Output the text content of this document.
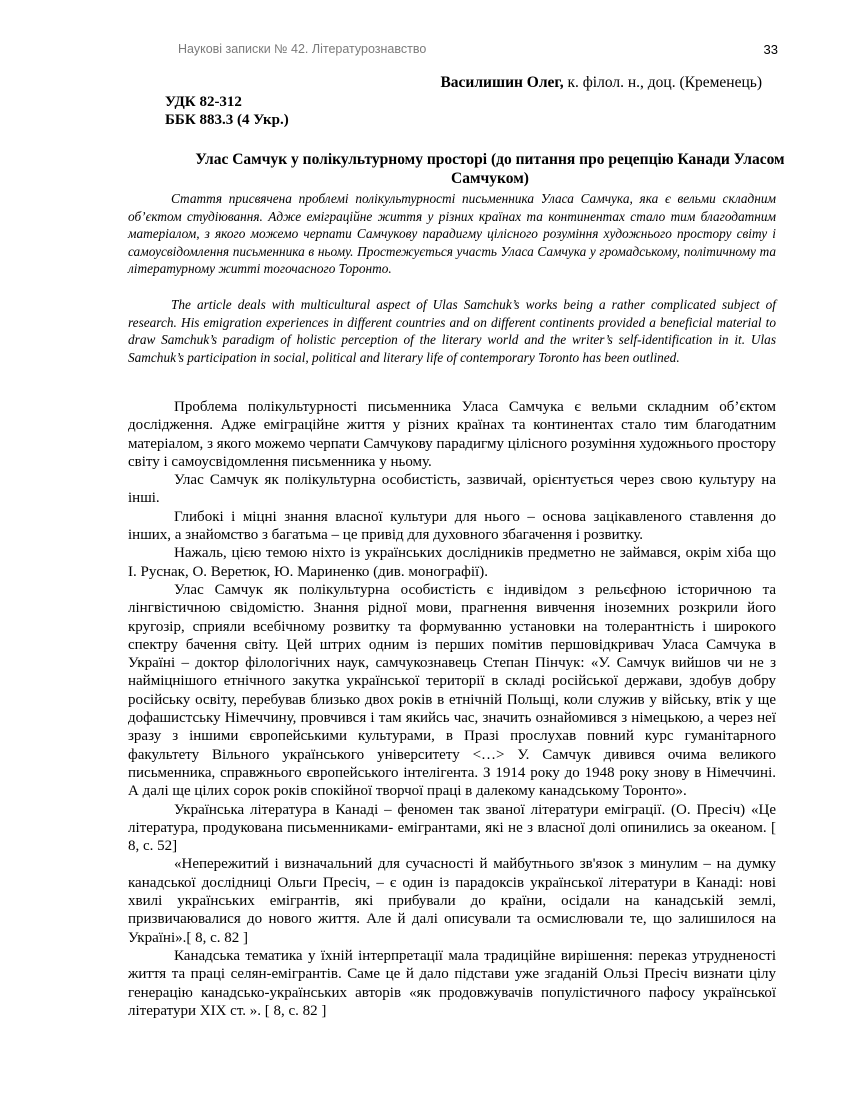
Наукові записки № 42. Літературознавство	33
Василишин Олег, к. філол. н., доц. (Кременець)
УДК 82-312
ББК 883.3 (4 Укр.)
Улас Самчук у полікультурному просторі (до питання про рецепцію Канади Уласом Самчуком)

Стаття присвячена проблемі полікультурності письменника Уласа Самчука, яка є вельми складним об’єктом студіювання. Адже еміграційне життя у різних країнах та континентах стало тим благодатним матеріалом, з якого можемо черпати Самчукову парадигму цілісного розуміння художнього простору світу і самоусвідомлення письменника в ньому. Простежується участь Уласа Самчука у громадському, політичному та літературному житті тогочасного Торонто.

The article deals with multicultural aspect of Ulas Samchuk’s works being a rather complicated subject of research. His emigration experiences in different countries and on different continents provided a beneficial material to draw Samchuk’s paradigm of holistic perception of the literary world and the writer’s self-identification in it. Ulas Samchuk’s participation in social, political and literary life of contemporary Toronto has been outlined.

Проблема полікультурності письменника Уласа Самчука є вельми складним об’єктом дослідження. Адже еміграційне життя у різних країнах та континентах стало тим благодатним матеріалом, з якого можемо черпати Самчукову парадигму цілісного розуміння художнього простору світу і самоусвідомлення письменника у ньому.

Улас Самчук як полікультурна особистість, зазвичай, орієнтується через свою культуру на інші.

Глибокі і міцні знання власної культури для нього – основа зацікавленого ставлення до інших, а знайомство з багатьма – це привід для духовного збагачення і розвитку.

Нажаль, цією темою ніхто із українських дослідників предметно не займався, окрім хіба що І. Руснак, О. Веретюк, Ю. Мариненко (див. монографії).

Улас Самчук як полікультурна особистість є індивідом з рельєфною історичною та лінгвістичною свідомістю. Знання рідної мови, прагнення вивчення іноземних розкрили його кругозір, сприяли всебічному розвитку та формуванню установки на толерантність і широкого спектру бачення світу. Цей штрих одним із перших помітив першовідкривач Уласа Самчука в Україні – доктор філологічних наук, самчукознавець Степан Пінчук: «У. Самчук вийшов чи не з найміцнішого етнічного закутка української території в складі російської держави, здобув добру російську освіту, перебував близько двох років в етнічній Польщі, коли служив у війську, втік у ще дофашистську Німеччину, провчився і там якийсь час, значить ознайомився з німецькою, а через неї зразу з іншими європейськими культурами, в Празі прослухав повний курс гуманітарного факультету Вільного українського університету <…> У. Самчук дивився очима великого письменника, справжнього європейського інтелігента. З 1914 року до 1948 року знову в Німеччині. А далі ще цілих сорок років спокійної творчої праці в далекому канадському Торонто».

Українська література в Канаді – феномен так званої літератури еміграції. (О. Пресіч) «Це література, продукована письменниками- емігрантами, які не з власної долі опинились за океаном. [ 8, с. 52]

«Непережитий і визначальний для сучасності й майбутнього зв'язок з минулим – на думку канадської дослідниці Ольги Пресіч, – є один із парадоксів української літератури в Канаді: нові хвилі українських емігрантів, які прибували до країни, осідали на канадській землі, призвичаювалися до нового життя. Але й далі описували та осмислювали те, що залишилося на Україні».[ 8, с. 82 ]

Канадська тематика у їхній інтерпретації мала традиційне вирішення: переказ утрудненості життя та праці селян-емігрантів. Саме це й дало підстави уже згаданій Ользі Пресіч визнати цілу генерацію канадсько-українських авторів «як продовжувачів популістичного пафосу української літератури XIX ст. ». [ 8, с. 82 ]
